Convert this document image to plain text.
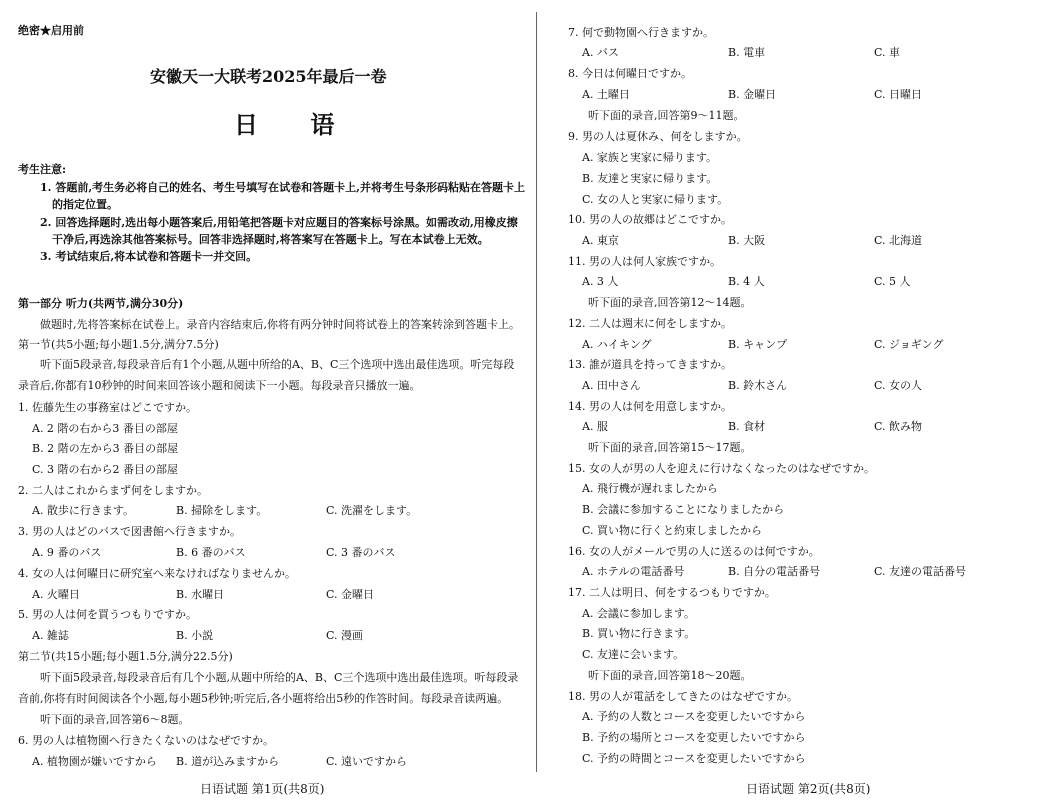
绝密★启用前
安徽天一大联考2025年最后一卷
日 语
考生注意:
1. 答题前,考生务必将自己的姓名、考生号填写在试卷和答题卡上,并将考生号条形码粘贴在答题卡上
的指定位置。
2. 回答选择题时,选出每小题答案后,用铅笔把答题卡对应题目的答案标号涂黑。如需改动,用橡皮擦
干净后,再选涂其他答案标号。回答非选择题时,将答案写在答题卡上。写在本试卷上无效。
3. 考试结束后,将本试卷和答题卡一并交回。
第一部分 听力(共两节,满分30分)
做题时,先将答案标在试卷上。录音内容结束后,你将有两分钟时间将试卷上的答案转涂到答题卡上。
第一节(共5小题;每小题1.5分,满分7.5分)
听下面5段录音,每段录音后有1个小题,从题中所给的A、B、C三个选项中选出最佳选项。听完每段
录音后,你都有10秒钟的时间来回答该小题和阅读下一小题。每段录音只播放一遍。
1. 佐藤先生の事務室はどこですか。
A. 2 階の右から3 番目の部屋
B. 2 階の左から3 番目の部屋
C. 3 階の右から2 番目の部屋
2. 二人はこれからまず何をしますか。
A. 散歩に行きます。	B. 掃除をします。	C. 洗濯をします。
3. 男の人はどのバスで図書館へ行きますか。
A. 9 番のバス	B. 6 番のバス	C. 3 番のバス
4. 女の人は何曜日に研究室へ来なければなりませんか。
A. 火曜日	B. 水曜日	C. 金曜日
5. 男の人は何を買うつもりですか。
A. 雑誌	B. 小説	C. 漫画
第二节(共15小题;每小题1.5分,满分22.5分)
听下面5段录音,每段录音后有几个小题,从题中所给的A、B、C三个选项中选出最佳选项。听每段录
音前,你将有时间阅读各个小题,每小题5秒钟;听完后,各小题将给出5秒的作答时间。每段录音读两遍。
听下面的录音,回答第6～8题。
6. 男の人は植物園へ行きたくないのはなぜですか。
A. 植物園が嫌いですから B. 道が込みますから	C. 遠いですから
日语试题 第1页(共8页)
7. 何で動物園へ行きますか。
A. バス	B. 電車	C. 車
8. 今日は何曜日ですか。
A. 土曜日	B. 金曜日	C. 日曜日
听下面的录音,回答第9～11题。
9. 男の人は夏休み、何をしますか。
A. 家族と実家に帰ります。
B. 友達と実家に帰ります。
C. 女の人と実家に帰ります。
10. 男の人の故郷はどこですか。
A. 東京	B. 大阪	C. 北海道
11. 男の人は何人家族ですか。
A. 3 人	B. 4 人	C. 5 人
听下面的录音,回答第12～14题。
12. 二人は週末に何をしますか。
A. ハイキング	B. キャンプ	C. ジョギング
13. 誰が道具を持ってきますか。
A. 田中さん	B. 鈴木さん	C. 女の人
14. 男の人は何を用意しますか。
A. 服	B. 食材	C. 飲み物
听下面的录音,回答第15～17题。
15. 女の人が男の人を迎えに行けなくなったのはなぜですか。
A. 飛行機が遅れましたから
B. 会議に参加することになりましたから
C. 買い物に行くと約束しましたから
16. 女の人がメールで男の人に送るのは何ですか。
A. ホテルの電話番号	B. 自分の電話番号	C. 友達の電話番号
17. 二人は明日、何をするつもりですか。
A. 会議に参加します。
B. 買い物に行きます。
C. 友達に会います。
听下面的录音,回答第18～20题。
18. 男の人が電話をしてきたのはなぜですか。
A. 予約の人数とコースを変更したいですから
B. 予約の場所とコースを変更したいですから
C. 予約の時間とコースを変更したいですから
日语试题 第2页(共8页)
